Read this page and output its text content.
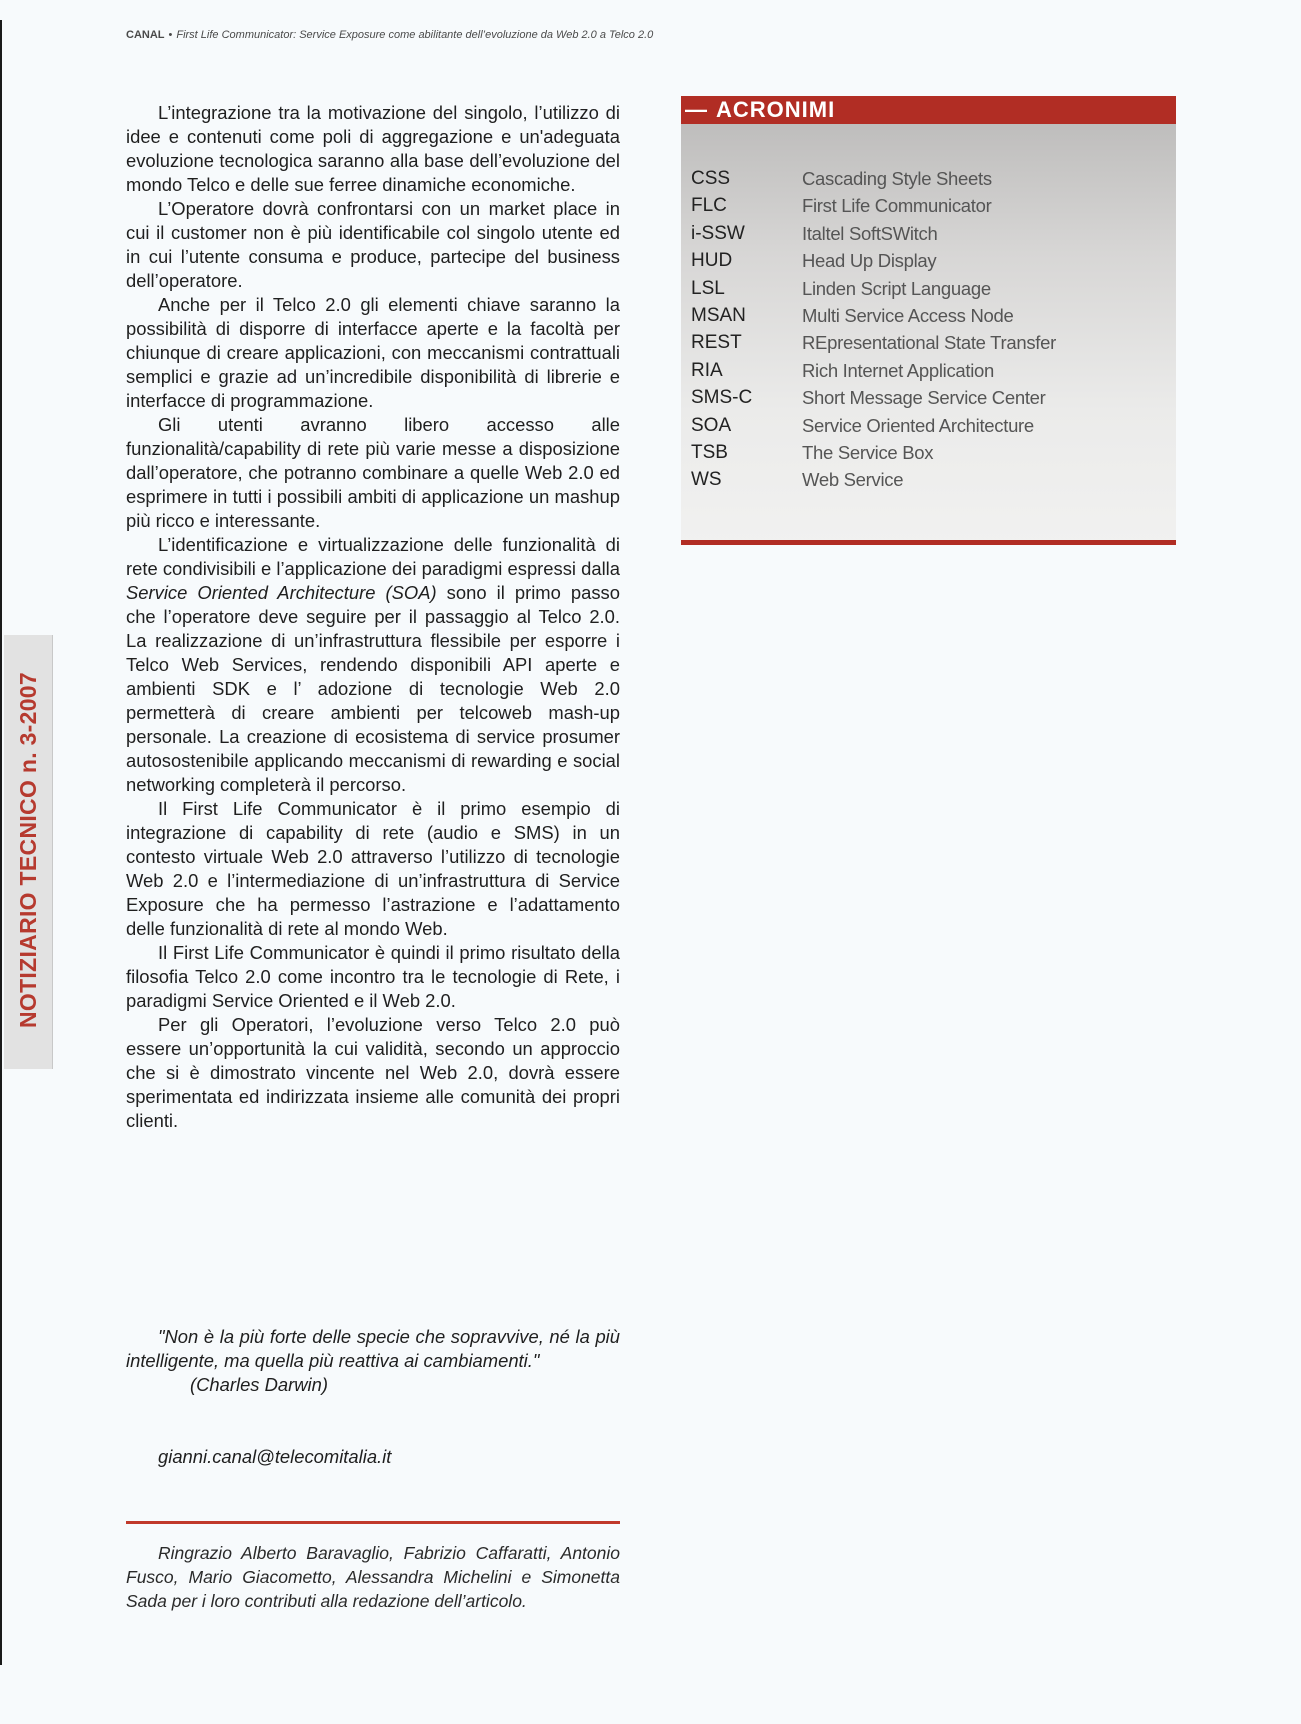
NOTIZIARIO TECNICO n. 3-2007
CANAL • First Life Communicator: Service Exposure come abilitante dell’evoluzione da Web 2.0 a Telco 2.0

L’integrazione tra la motivazione del singolo, l’utilizzo di idee e contenuti come poli di aggregazione e un'adeguata evoluzione tecnologica saranno alla base dell’evoluzione del mondo Telco e delle sue ferree dinamiche economiche.

L’Operatore dovrà confrontarsi con un market place in cui il customer non è più identificabile col singolo utente ed in cui l’utente consuma e produce, partecipe del business dell’operatore.

Anche per il Telco 2.0 gli elementi chiave saranno la possibilità di disporre di interfacce aperte e la facoltà per chiunque di creare applicazioni, con meccanismi contrattuali semplici e grazie ad un’incredibile disponibilità di librerie e interfacce di programmazione.

Gli utenti avranno libero accesso alle funzionalità/capability di rete più varie messe a disposizione dall’operatore, che potranno combinare a quelle Web 2.0 ed esprimere in tutti i possibili ambiti di applicazione un mashup più ricco e interessante.

L’identificazione e virtualizzazione delle funzionalità di rete condivisibili e l’applicazione dei paradigmi espressi dalla Service Oriented Architecture (SOA) sono il primo passo che l’operatore deve seguire per il passaggio al Telco 2.0. La realizzazione di un’infrastruttura flessibile per esporre i Telco Web Services, rendendo disponibili API aperte e ambienti SDK e l’ adozione di tecnologie Web 2.0 permetterà di creare ambienti per telcoweb mash-up personale. La creazione di ecosistema di service prosumer autosostenibile applicando meccanismi di rewarding e social networking completerà il percorso.

Il First Life Communicator è il primo esempio di integrazione di capability di rete (audio e SMS) in un contesto virtuale Web 2.0 attraverso l’utilizzo di tecnologie Web 2.0 e l’intermediazione di un’infrastruttura di Service Exposure che ha permesso l’astrazione e l’adattamento delle funzionalità di rete al mondo Web.

Il First Life Communicator è quindi il primo risultato della filosofia Telco 2.0 come incontro tra le tecnologie di Rete, i paradigmi Service Oriented e il Web 2.0.

Per gli Operatori, l’evoluzione verso Telco 2.0 può essere un’opportunità la cui validità, secondo un approccio che si è dimostrato vincente nel Web 2.0, dovrà essere sperimentata ed indirizzata insieme alle comunità dei propri clienti.

"Non è la più forte delle specie che sopravvive, né la più intelligente, ma quella più reattiva ai cambiamenti."

(Charles Darwin)

gianni.canal@telecomitalia.it

Ringrazio Alberto Baravaglio, Fabrizio Caffaratti, Antonio Fusco, Mario Giacometto, Alessandra Michelini e Simonetta Sada per i loro contributi alla redazione dell’articolo.

— ACRONIMI
CSS	Cascading Style Sheets
FLC	First Life Communicator
i-SSW	Italtel SoftSWitch
HUD	Head Up Display
LSL	Linden Script Language
MSAN	Multi Service Access Node
REST	REpresentational State Transfer
RIA	Rich Internet Application
SMS-C	Short Message Service Center
SOA	Service Oriented Architecture
TSB	The Service Box
WS	Web Service
